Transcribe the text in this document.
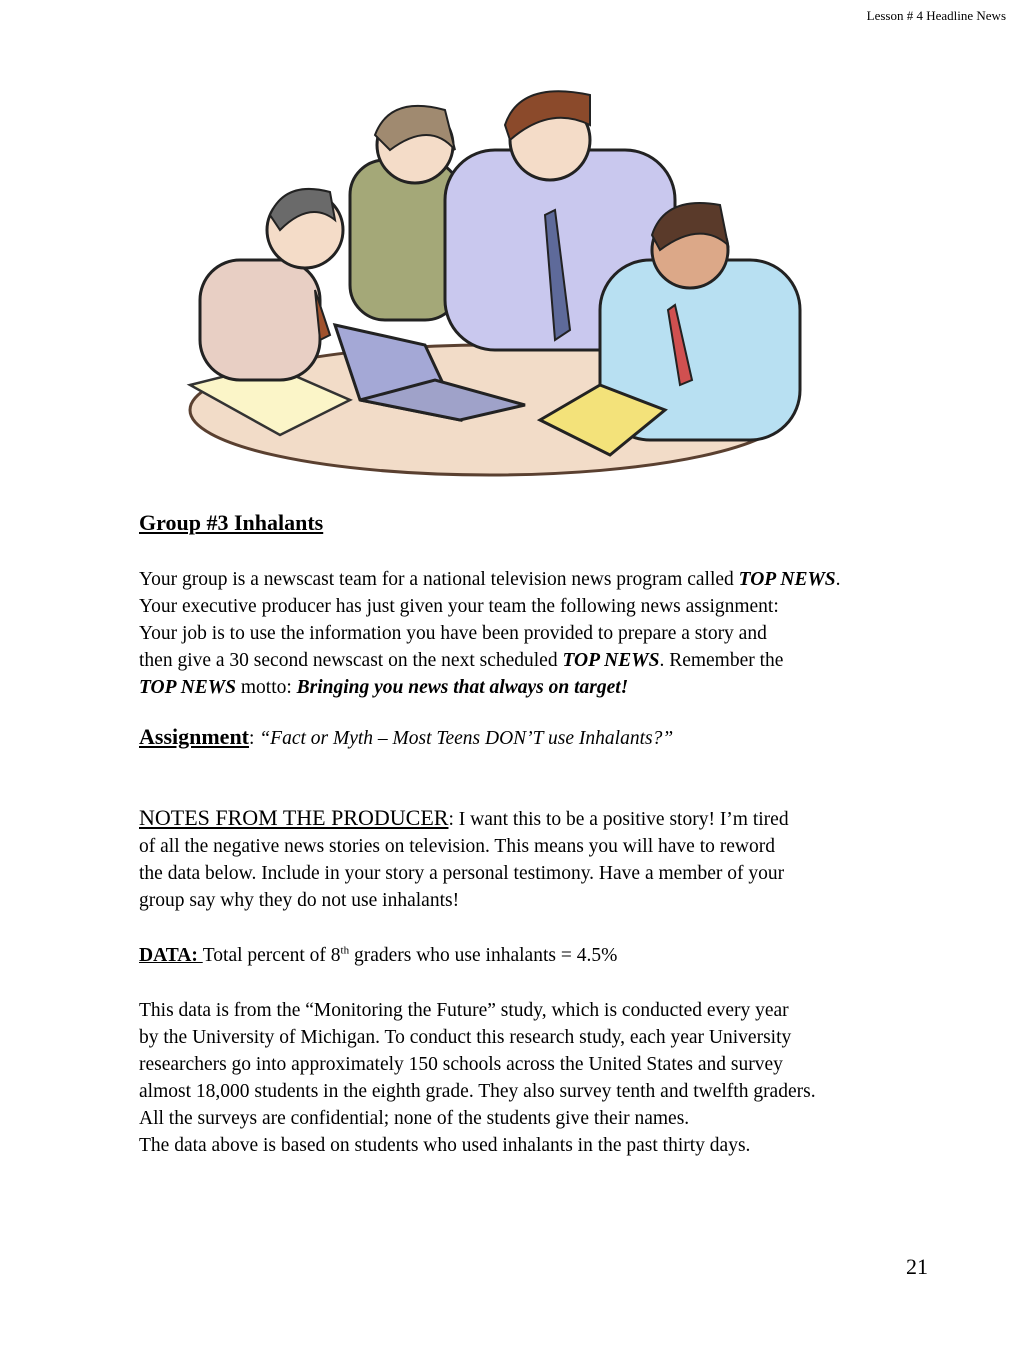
Lesson # 4 Headline News
Group #3 Inhalants

Your group is a newscast team for a national television news program called TOP NEWS.

Your executive producer has just given your team the following news assignment:

Your job is to use the information you have been provided to prepare a story and

then give a 30 second newscast on the next scheduled TOP NEWS. Remember the

TOP NEWS motto: Bringing you news that always on target!

Assignment: “Fact or Myth – Most Teens DON’T use Inhalants?”

NOTES FROM THE PRODUCER: I want this to be a positive story! I’m tired

of all the negative news stories on television. This means you will have to reword

the data below. Include in your story a personal testimony. Have a member of your

group say why they do not use inhalants!

DATA: Total percent of 8th graders who use inhalants = 4.5%

This data is from the “Monitoring the Future” study, which is conducted every year

by the University of Michigan. To conduct this research study, each year University

researchers go into approximately 150 schools across the United States and survey

almost 18,000 students in the eighth grade. They also survey tenth and twelfth graders.

All the surveys are confidential; none of the students give their names.

The data above is based on students who used inhalants in the past thirty days.

21
